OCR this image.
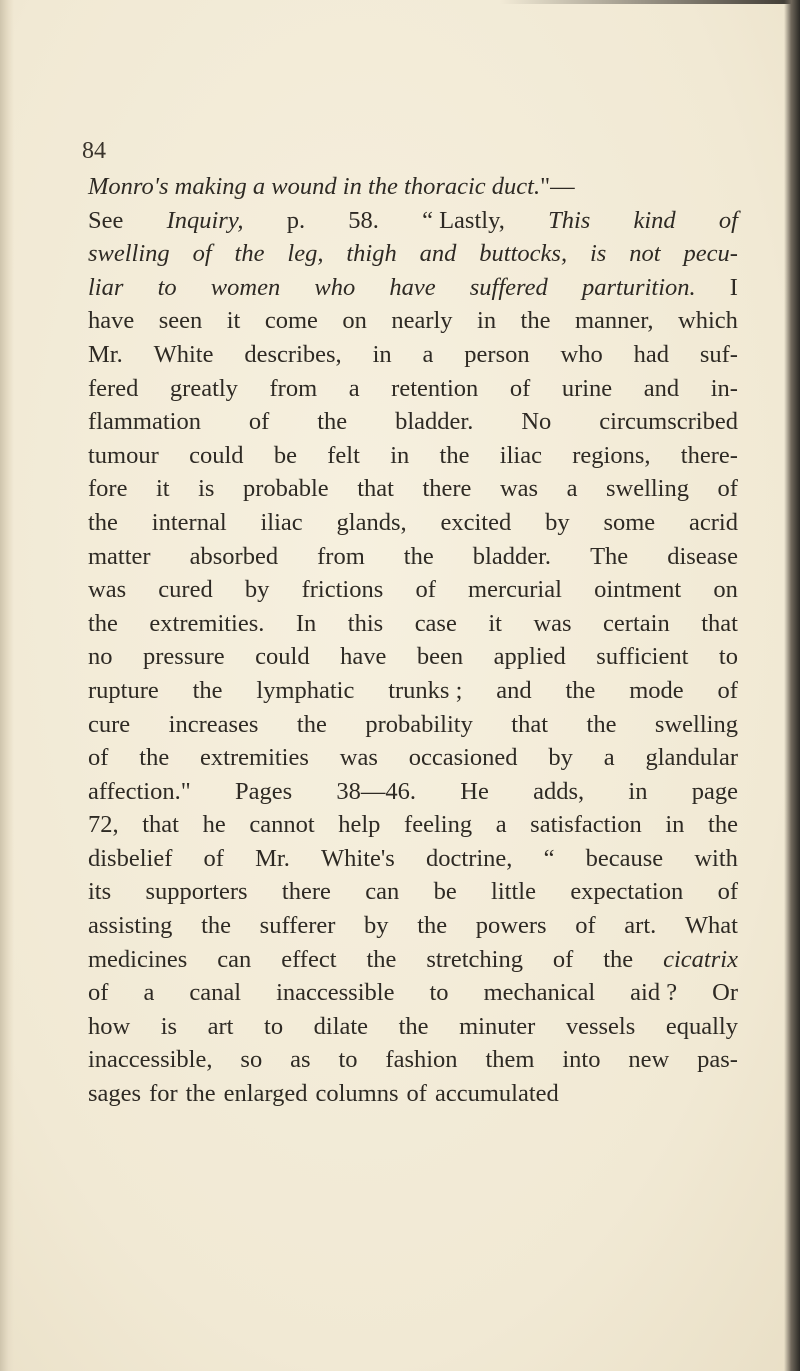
84
Monro's making a wound in the thoracic duct."—
See Inquiry, p. 58. “ Lastly, This kind of
swelling of the leg, thigh and buttocks, is not pecu-
liar to women who have suffered parturition. I
have seen it come on nearly in the manner, which
Mr. White describes, in a person who had suf-
fered greatly from a retention of urine and in-
flammation of the bladder. No circumscribed
tumour could be felt in the iliac regions, there-
fore it is probable that there was a swelling of
the internal iliac glands, excited by some acrid
matter absorbed from the bladder. The disease
was cured by frictions of mercurial ointment on
the extremities. In this case it was certain that
no pressure could have been applied sufficient to
rupture the lymphatic trunks ; and the mode of
cure increases the probability that the swelling
of the extremities was occasioned by a glandular
affection." Pages 38—46. He adds, in page
72, that he cannot help feeling a satisfaction in the
disbelief of Mr. White's doctrine, “ because with
its supporters there can be little expectation of
assisting the sufferer by the powers of art. What
medicines can effect the stretching of the cicatrix
of a canal inaccessible to mechanical aid ? Or
how is art to dilate the minuter vessels equally
inaccessible, so as to fashion them into new pas-
sages for the enlarged columns of accumulated
